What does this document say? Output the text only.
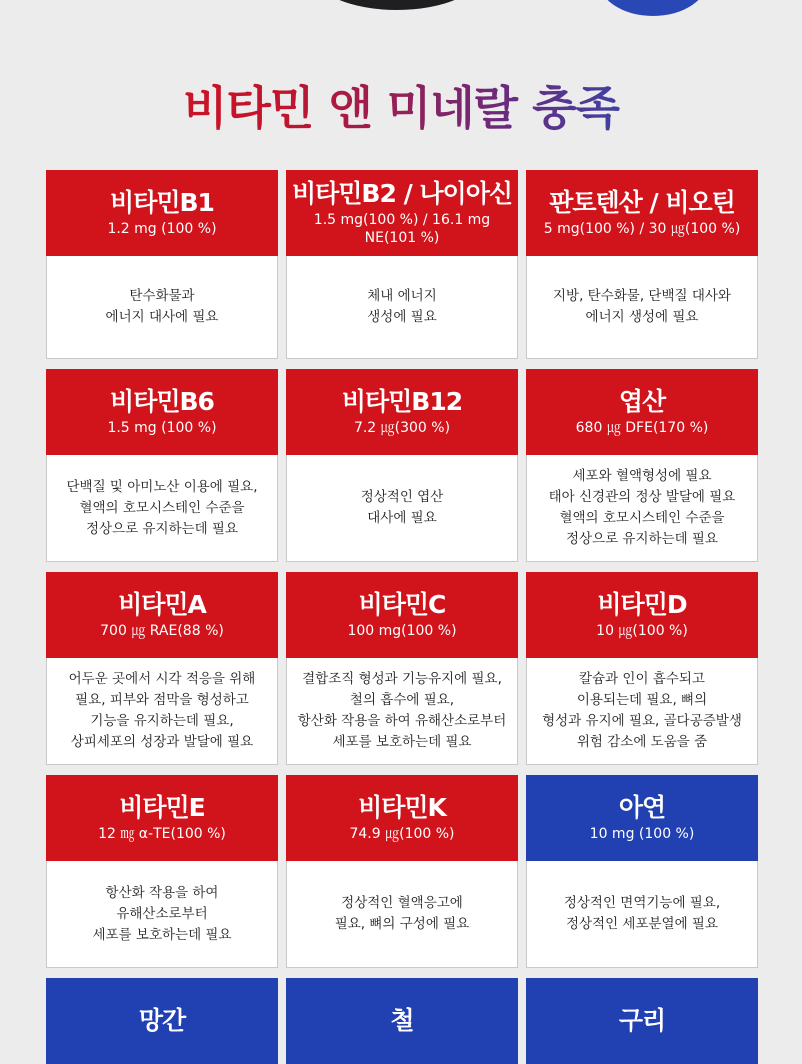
비타민 앤 미네랄 충족
비타민B1
1.2 mg (100 %)
탄수화물과
에너지 대사에 필요
비타민B2 / 나이아신
1.5 mg(100 %) / 16.1 mg NE(101 %)
체내 에너지
생성에 필요
판토텐산 / 비오틴
5 mg(100 %) / 30 ㎍(100 %)
지방, 탄수화물, 단백질 대사와
에너지 생성에 필요
비타민B6
1.5 mg (100 %)
단백질 및 아미노산 이용에 필요,
혈액의 호모시스테인 수준을
정상으로 유지하는데 필요
비타민B12
7.2 ㎍(300 %)
정상적인 엽산
대사에 필요
엽산
680 ㎍ DFE(170 %)
세포와 혈액형성에 필요
태아 신경관의 정상 발달에 필요
혈액의 호모시스테인 수준을
정상으로 유지하는데 필요
비타민A
700 ㎍ RAE(88 %)
어두운 곳에서 시각 적응을 위해
필요, 피부와 점막을 형성하고
기능을 유지하는데 필요,
상피세포의 성장과 발달에 필요
비타민C
100 mg(100 %)
결합조직 형성과 기능유지에 필요,
철의 흡수에 필요,
항산화 작용을 하여 유해산소로부터
세포를 보호하는데 필요
비타민D
10 ㎍(100 %)
칼슘과 인이 흡수되고
이용되는데 필요, 뼈의
형성과 유지에 필요, 골다공증발생
위험 감소에 도움을 줌
비타민E
12 ㎎ α-TE(100 %)
항산화 작용을 하여
유해산소로부터
세포를 보호하는데 필요
비타민K
74.9 ㎍(100 %)
정상적인 혈액응고에
필요, 뼈의 구성에 필요
아연
10 mg (100 %)
정상적인 면역기능에 필요,
정상적인 세포분열에 필요
망간	철	구리
